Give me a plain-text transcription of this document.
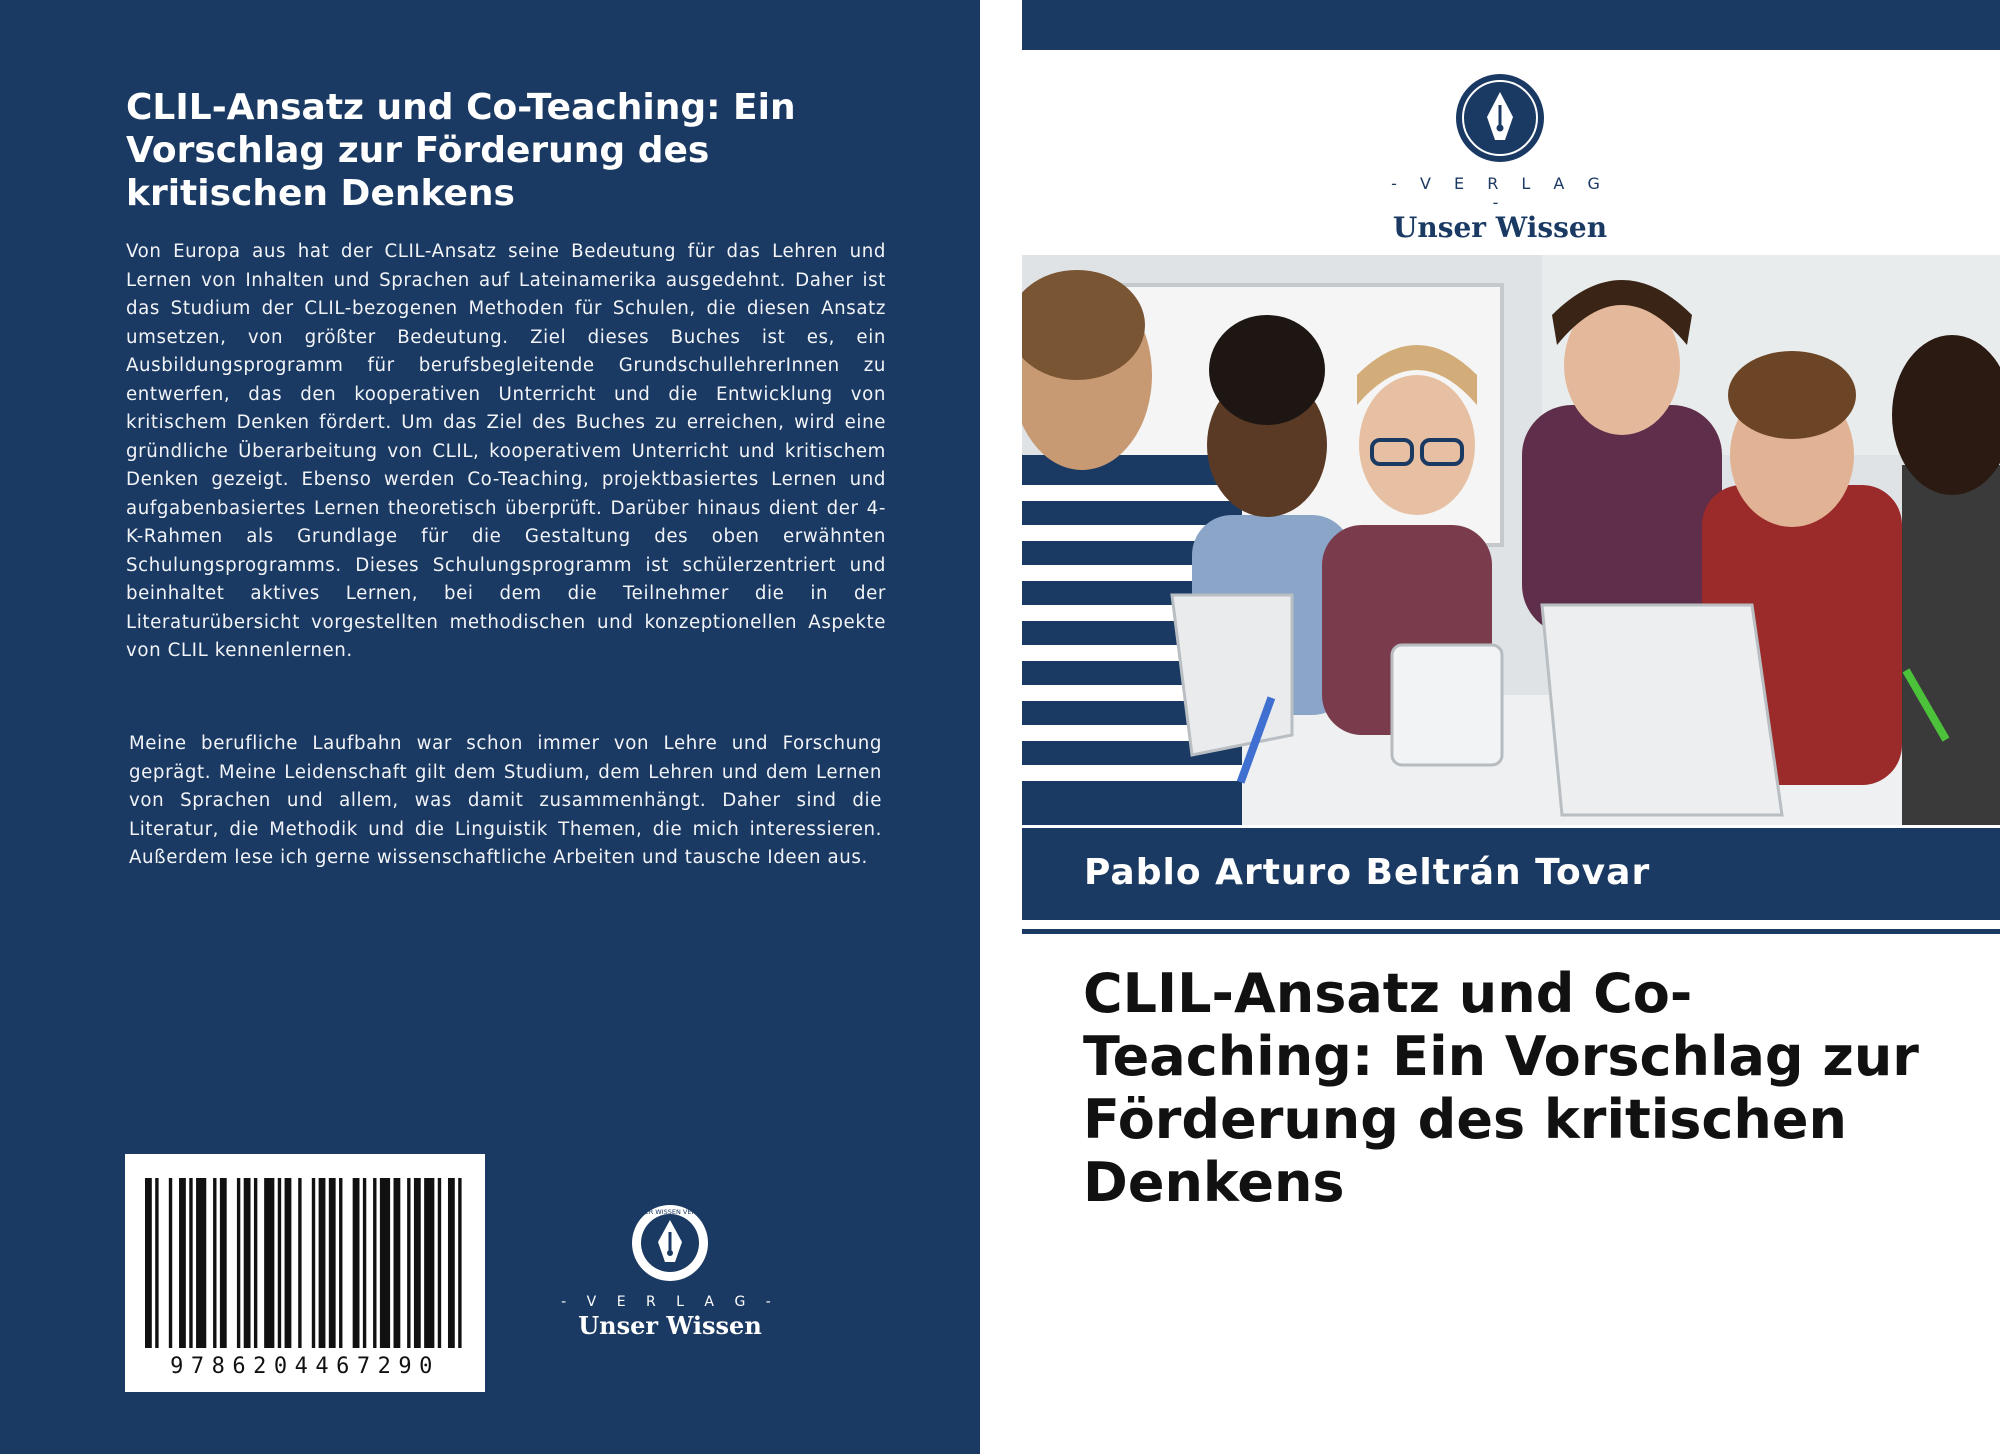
CLIL-Ansatz und Co-Teaching: Ein Vorschlag zur Förderung des kritischen Denkens

Von Europa aus hat der CLIL-Ansatz seine Bedeutung für das Lehren und Lernen von Inhalten und Sprachen auf Lateinamerika ausgedehnt. Daher ist das Studium der CLIL-bezogenen Methoden für Schulen, die diesen Ansatz umsetzen, von größter Bedeutung. Ziel dieses Buches ist es, ein Ausbildungsprogramm für berufsbegleitende GrundschullehrerInnen zu entwerfen, das den kooperativen Unterricht und die Entwicklung von kritischem Denken fördert. Um das Ziel des Buches zu erreichen, wird eine gründliche Überarbeitung von CLIL, kooperativem Unterricht und kritischem Denken gezeigt. Ebenso werden Co-Teaching, projektbasiertes Lernen und aufgabenbasiertes Lernen theoretisch überprüft. Darüber hinaus dient der 4-K-Rahmen als Grundlage für die Gestaltung des oben erwähnten Schulungsprogramms. Dieses Schulungsprogramm ist schülerzentriert und beinhaltet aktives Lernen, bei dem die Teilnehmer die in der Literaturübersicht vorgestellten methodischen und konzeptionellen Aspekte von CLIL kennenlernen.

Meine berufliche Laufbahn war schon immer von Lehre und Forschung geprägt. Meine Leidenschaft gilt dem Studium, dem Lehren und dem Lernen von Sprachen und allem, was damit zusammenhängt. Daher sind die Literatur, die Methodik und die Linguistik Themen, die mich interessieren. Außerdem lese ich gerne wissenschaftliche Arbeiten und tausche Ideen aus.

9786204467290
UNSER WISSEN VERLAG
- V E R L A G -
Unser Wissen
- V E R L A G -
Unser Wissen

Pablo Arturo Beltrán Tovar

CLIL-Ansatz und Co-Teaching: Ein Vorschlag zur Förderung des kritischen Denkens
